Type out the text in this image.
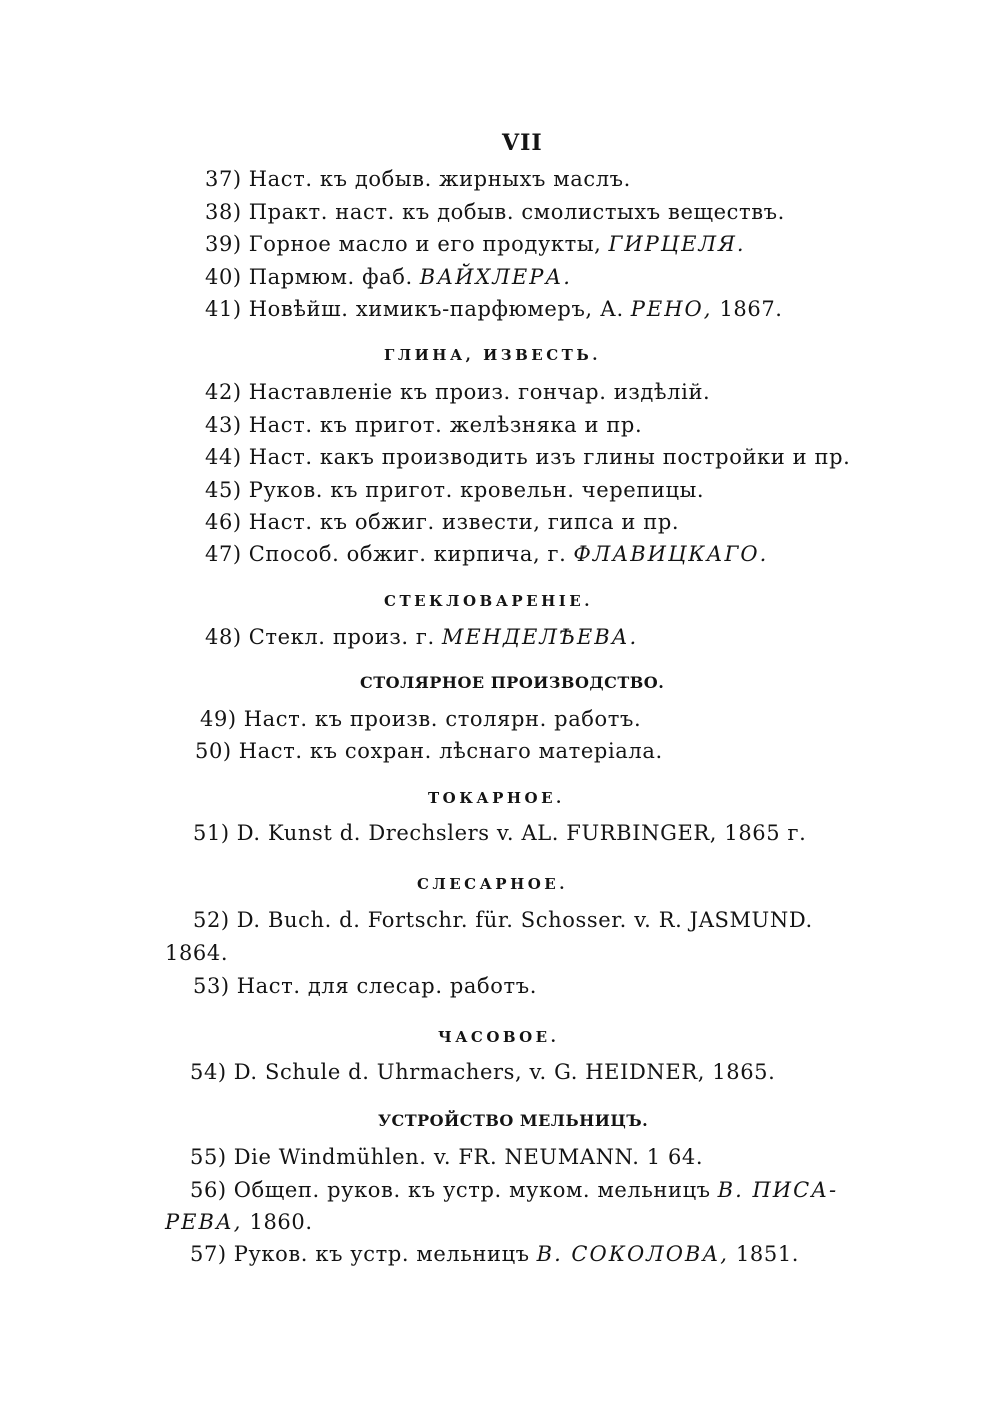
VII
37) Наст. къ добыв. жирныхъ маслъ.
38) Практ. наст. къ добыв. смолистыхъ веществъ.
39) Горное масло и его продукты, ГИРЦЕЛЯ.
40) Пармюм. фаб. ВАЙХЛЕРА.
41) Новѣйш. химикъ-парфюмеръ, А. РЕНО, 1867.
ГЛИНА, ИЗВЕСТЬ.
42) Наставленіе къ произ. гончар. издѣлій.
43) Наст. къ пригот. желѣзняка и пр.
44) Наст. какъ производить изъ глины постройки и пр.
45) Руков. къ пригот. кровельн. черепицы.
46) Наст. къ обжиг. извести, гипса и пр.
47) Способ. обжиг. кирпича, г. ФЛАВИЦКАГО.
СТЕКЛОВАРЕНІЕ.
48) Стекл. произ. г. МЕНДЕЛѢЕВА.
СТОЛЯРНОЕ ПРОИЗВОДСТВО.
49) Наст. къ произв. столярн. работъ.
50) Наст. къ сохран. лѣснаго матеріала.
ТОКАРНОЕ.
51) D. Kunst d. Drechslers v. AL. FURBINGER, 1865 г.
СЛЕСАРНОЕ.
52) D. Buch. d. Fortschr. für. Schosser. v. R. JASMUND.
1864.
53) Наст. для слесар. работъ.
ЧАСОВОЕ.
54) D. Schule d. Uhrmachers, v. G. HEIDNER, 1865.
УСТРОЙСТВО МЕЛЬНИЦЪ.
55) Die Windmühlen. v. FR. NEUMANN. 1 64.
56) Общеп. руков. къ устр. муком. мельницъ В. ПИСА-
РЕВА, 1860.
57) Руков. къ устр. мельницъ В. СОКОЛОВА, 1851.
